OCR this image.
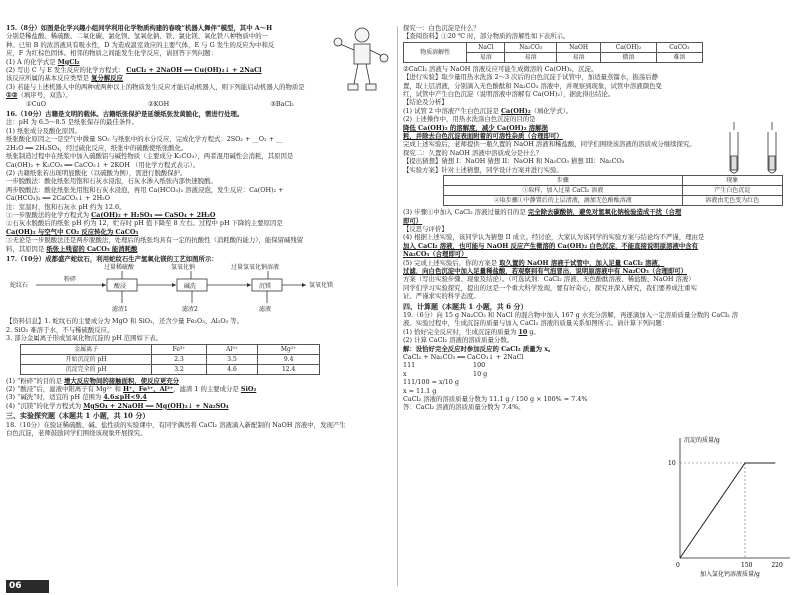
15.（8分）如图是化学兴趣小组同学利用化学物质构建的春晚“机器人舞伴”模型，其中 A～H
分别是稀盐酸、稀硫酸、二氧化碳、氯化钡、氢氧化钠、铁、氯化镁、氧化铁八种物质中的一
种。已知 B 的浓溶液具有吸水性，D 为造成温室效应的主要气体，E 与 G 发生的反应为中和反
应，F 为红棕色固体。相邻的物质之间能发生化学反应，请回答下列问题：
(1) A 的化学式是 MgCl₂
(2) 写出 C 与 E 发生反应的化学方程式： CuCl₂ + 2NaOH ══ Cu(OH)₂↓ + 2NaCl
该反应所属的基本反应类型是 复分解反应
(3) 若能与上述机器人中的两种或两种以上的物质发生反应才能启动机器人，则下列能启动机器人的物质是
①②（填序号，双选）。
①CuO	②KOH	③BaCl₂
16.（10分）古籍是文明的载体。古籍纸张保护是延缓纸张发黄脆化，需进行处理。
注：pH 为 6.5～8.5 是纸张保存的最佳条件。
(1) 纸张成分及酸化原因。
纸张酸化原因之一是空气中微量 SO₂ 与纸张中的水分反应，完成化学方程式：2SO₂ + __O₂ + __
2H₂O ══ 2H₂SO₄，经过硫化反应，纸张中的硫酸使纸张酸化。
纸张制造过程中在纸浆中加入硫酸铝与碱性物质（主要成分 K₂CO₃），两者混用碱性会消耗，其原因是
Ca(OH)₂ + K₂CO₃ ══ CaCO₃↓ + 2KOH （用化学方程式表示）。
(2) 古籍纸张若出现明显酸化（以硫酸为例），需进行脱酸保护。
一步脱酸法：酸化纸张用饱和石灰水浸泡，石灰水渗入纸张内部快速脱酸。
两步脱酸法：酸化纸张先用饱和石灰水浸泡，再用 Ca(HCO₃)₂ 溶液浸泡，发生反应：Ca(OH)₂ +
Ca(HCO₃)₂ ══ 2CaCO₃↓ + 2H₂O
注：室温时，饱和石灰水 pH 约为 12.6。
①一步脱酸法的化学方程式为 Ca(OH)₂ + H₂SO₄ ══ CaSO₄ + 2H₂O
②石灰水脱酸后的纸张 pH 约为 12，贮存时 pH 值下降至 8 左右。过程中 pH 下降的主要原因是
Ca(OH)₂ 与空气中 CO₂ 反应转化为 CaCO₃
③无论是一步脱酸法还是两步脱酸法，处理后的纸张均具有一定的抗酸性（消耗酸的能力），能保留碱残留
料，其原因是 纸张上残留的 CaCO₃ 能消耗酸
17.（10分）成都盛产蛇纹石，利用蛇纹石生产氢氧化镁的工艺如图所示：
蛇纹石
粉碎
过量稀硫酸
酸浸
滤渣1
氢氧化钠
碱洗
滤渣2
过量氢氧化钠溶液
沉镁
滤液
氢氧化镁
【资料信息】1. 蛇纹石的主要成分为 MgO 和 SiO₂，还含少量 Fe₂O₃、Al₂O₃ 等。
2. SiO₂ 难溶于水，不与稀硫酸反应。
3. 部分金属离子形成氢氧化物沉淀的 pH 范围如下表。
金属离子	Fe³⁺	Al³⁺	Mg²⁺
开始沉淀的 pH	2.3	3.5	9.4
沉淀完全的 pH	3.2	4.6	12.4
(1) “粉碎”的目的是 增大反应物间的接触面积，使反应更充分
(2) “酸浸”后，滤液中阳离子有 Mg²⁺ 和 H⁺、Fe³⁺、Al³⁺，滤渣 1 的主要成分是 SiO₂
(3) “碱洗”时，适宜的 pH 范围为 4.6≤pH<9.4
(4) “沉镁”的化学方程式为 MgSO₄ + 2NaOH ══ Mg(OH)₂↓ + Na₂SO₄
三、实验探究题（本题共 1 小题，共 10 分）
18.（10分）在验证稀硫酸、碱、盐性质的实验课中，有同学偶然将 CaCl₂ 溶液滴入新配制的 NaOH 溶液中，发现产生
白色沉淀，老师鼓励同学们围绕该现象开展探究。
探究一：白色沉淀是什么？
【查阅资料】①20 ℃ 时，部分物质的溶解性如下表所示。
物质溶解性	NaCl	Na₂CO₃	NaOH	Ca(OH)₂	CaCO₃
	易溶	易溶	易溶	微溶	难溶
②CaCl₂ 溶液与 NaOH 溶液反应可能生成微溶的 Ca(OH)₂，沉淀。
【进行实验】取少量用热水洗涤 2～3 次后的白色沉淀于试管中，加适量蒸馏水，振荡后静
置，取上层清液，分别滴入无色酚酞和 Na₂CO₃ 溶液中，并观察到现象，试管中溶液颜色变
红，试管中产生白色沉淀（说明溶液中溶解有 Ca(OH)₂），据此得出结论。
【结论及分析】
(1) 试管 2 中溶液产生白色沉淀是 Ca(OH)₂（填化学式）。
(2) 上述操作中，用热水洗涤白色沉淀的目的是
降低 Ca(OH)₂ 的溶解度，减少 Ca(OH)₂ 溶解损
耗，并除去白色沉淀表面附着的可溶性杂质（合理即可）
完成上述实验后，老师提供一瓶久置的 NaOH 溶液和稀盐酸，同学们围绕该溶液的溶质成分继续探究。
探究二：久置的 NaOH 溶液中溶质成分是什么？
【提出猜想】猜想 I：NaOH 猜想 II：NaOH 和 Na₂CO₃ 猜想 III：Na₂CO₃
【实验方案】针对上述猜想，同学设计方案并进行实验。
步骤	现象
①取样，加入过量 CaCl₂ 溶液	产生白色沉淀
②取步骤①中静置后的上层清液，滴加无色酚酞溶液	溶液由无色变为红色
(3) 步骤①中加入 CaCl₂ 溶液过量的目的是 完全除去碳酸钠，避免对氢氧化钠检验造成干扰（合理
即可）
【反思与评价】
(4) 根据上述实验，该同学认为猜想 II 成立。经讨论，大家认为该同学的实验方案与结论均不严谨，理由是
加入 CaCl₂ 溶液，也可能与 NaOH 反应产生微溶的 Ca(OH)₂ 白色沉淀，不能直接说明原溶液中含有
Na₂CO₃（合理即可）
(5) 完成上述实验后，你的方案是 取久置的 NaOH 溶液于试管中，加入足量 CaCl₂ 溶液，
过滤，向白色沉淀中加入足量稀盐酸，若观察到有气泡冒出，说明原溶液中有 Na₂CO₃（合理即可）
方案（写出实验步骤、现象及结论）。（可选试剂：CaCl₂ 溶液、无色酚酞溶液、稀盐酸、NaOH 溶液）
同学们学习实验探究，提出的这是一个重大科学发现，要有好奇心，探究并深入研究，我们要养成注重实
证、严谨求实的科学态度。
四、计算题（本题共 1 小题，共 6 分）
19.（6分）向 15 g Na₂CO₃ 和 NaCl 的混合物中加入 167 g 水充分溶解，再逐滴加入一定溶质质量分数的 CaCl₂ 溶
液。实验过程中，生成沉淀的质量与加入 CaCl₂ 溶液的质量关系如图所示。请计算下列问题：
(1) 恰好完全反应时，生成沉淀的质量为 10 g。
(2) 计算 CaCl₂ 溶液的溶质质量分数。
解：设恰好完全反应时参加反应的 CaCl₂ 质量为 x。
CaCl₂ + Na₂CO₃ ══ CaCO₃↓ + 2NaCl
111	100
x	10 g
111/100 = x/10 g
x = 11.1 g
CaCl₂ 溶液的溶质质量分数为 11.1 g / 150 g × 100% = 7.4%
答：CaCl₂ 溶液的溶质质量分数为 7.4%。
沉淀的质量/g
加入氯化钙溶液质量/g
0	150	220
10
06
